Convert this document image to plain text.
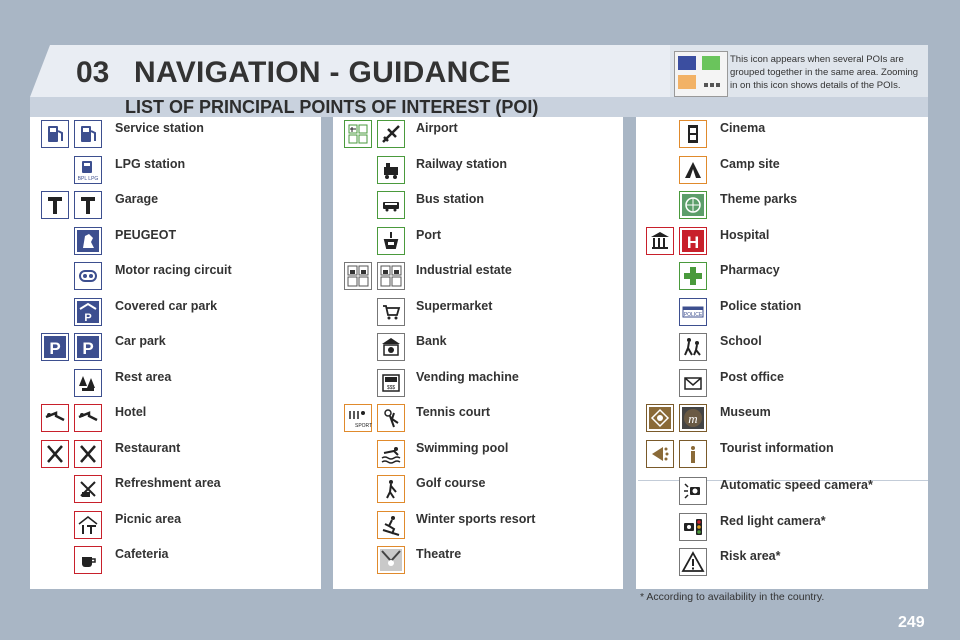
03 NAVIGATION - GUIDANCE	This icon appears when several POIs are grouped together in the same area. Zooming in on this icon shows details of the POIs.
LIST OF PRINCIPAL POINTS OF INTEREST (POI)
Service station
BPL LPG
LPG station
Garage
PEUGEOT
Motor racing circuit
P
Covered car park
P P Car park
Rest area
Hotel
Restaurant
Refreshment area
Picnic area
Cafeteria
Airport
Railway station
Bus station
Port
Industrial estate
Supermarket
Bank
$$$
Vending machine
SPORT
Tennis court
Swimming pool
Golf course
Winter sports resort
Theatre
Cinema
Camp site
Theme parks
H Hospital
Pharmacy
POLICE
Police station
School
Post office
m Museum
Tourist information
Automatic speed camera*
Red light camera*
Risk area*
* According to availability in the country.
249
